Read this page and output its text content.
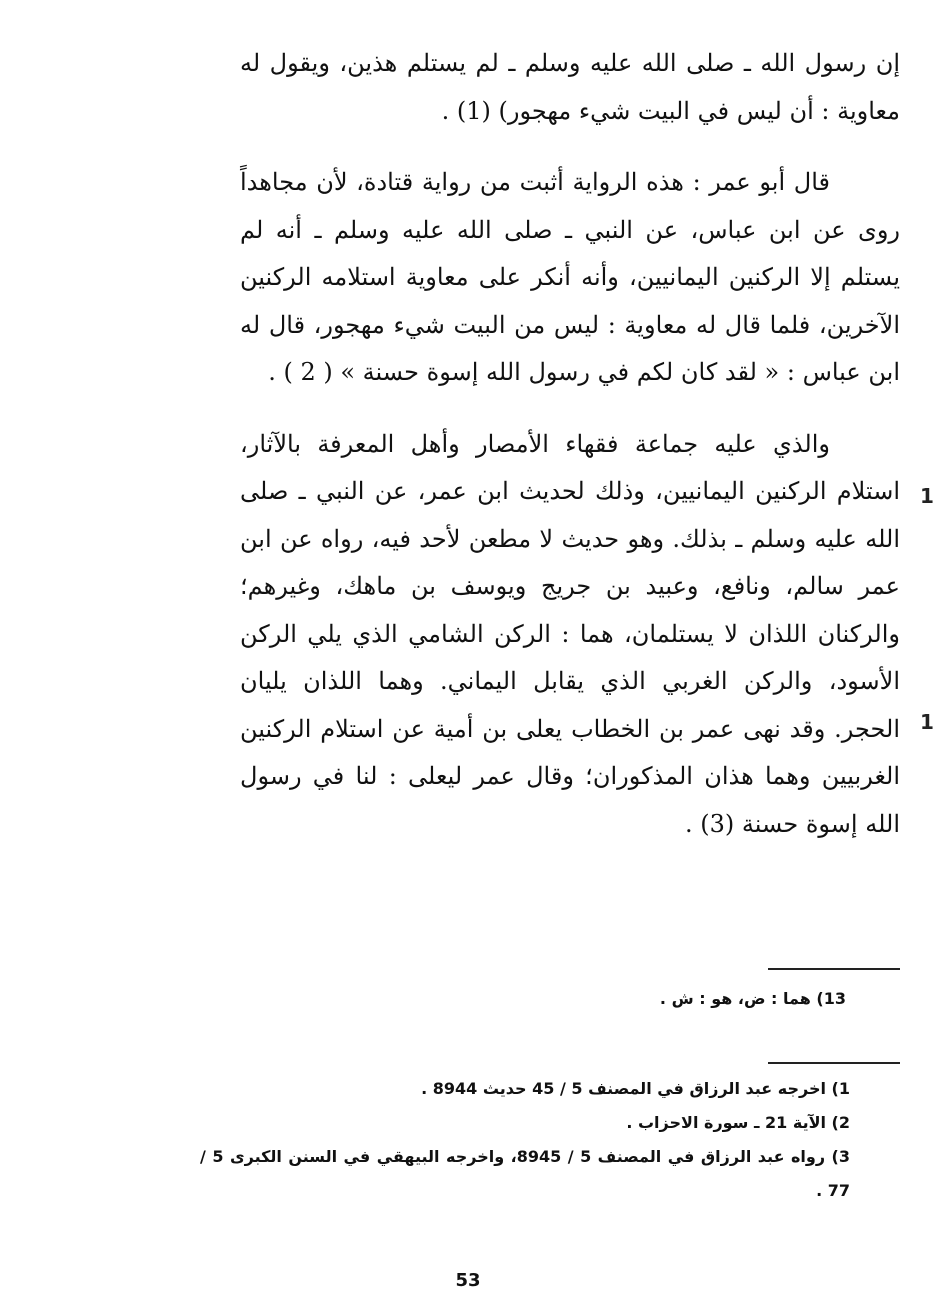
إن رسول الله ـ صلى الله عليه وسلم ـ لم يستلم هذين، ويقول له معاوية : أن ليس في البيت شيء مهجور) (1) .

قال أبو عمر : هذه الرواية أثبت من رواية قتادة، لأن مجاهداً روى عن ابن عباس، عن النبي ـ صلى الله عليه وسلم ـ أنه لم يستلم إلا الركنين اليمانيين، وأنه أنكر على معاوية استلامه الركنين الآخرين، فلما قال له معاوية : ليس من البيت شيء مهجور، قال له ابن عباس : « لقد كان لكم في رسول الله إسوة حسنة » ( 2 ) .

والذي عليه جماعة فقهاء الأمصار وأهل المعرفة بالآثار، استلام الركنين اليمانيين، وذلك لحديث ابن عمر، عن النبي ـ صلى الله عليه وسلم ـ بذلك. وهو حديث لا مطعن لأحد فيه، رواه عن ابن عمر سالم، ونافع، وعبيد بن جريج ويوسف بن ماهك، وغيرهم؛ والركنان اللذان لا يستلمان، هما : الركن الشامي الذي يلي الركن الأسود، والركن الغربي الذي يقابل اليماني. وهما اللذان يليان الحجر. وقد نهى عمر بن الخطاب يعلى بن أمية عن استلام الركنين الغربيين وهما هذان المذكوران؛ وقال عمر ليعلى : لنا في رسول الله إسوة حسنة (3) .

1
1
13) هما : ض، هو : ش .
1) اخرجه عبد الرزاق في المصنف 5 / 45 حديث 8944 .
2) الآية 21 ـ سورة الاحزاب .
3) رواه عبد الرزاق في المصنف 5 / 8945، واخرجه البيهقي في السنن الكبرى 5 / 77 .
53
